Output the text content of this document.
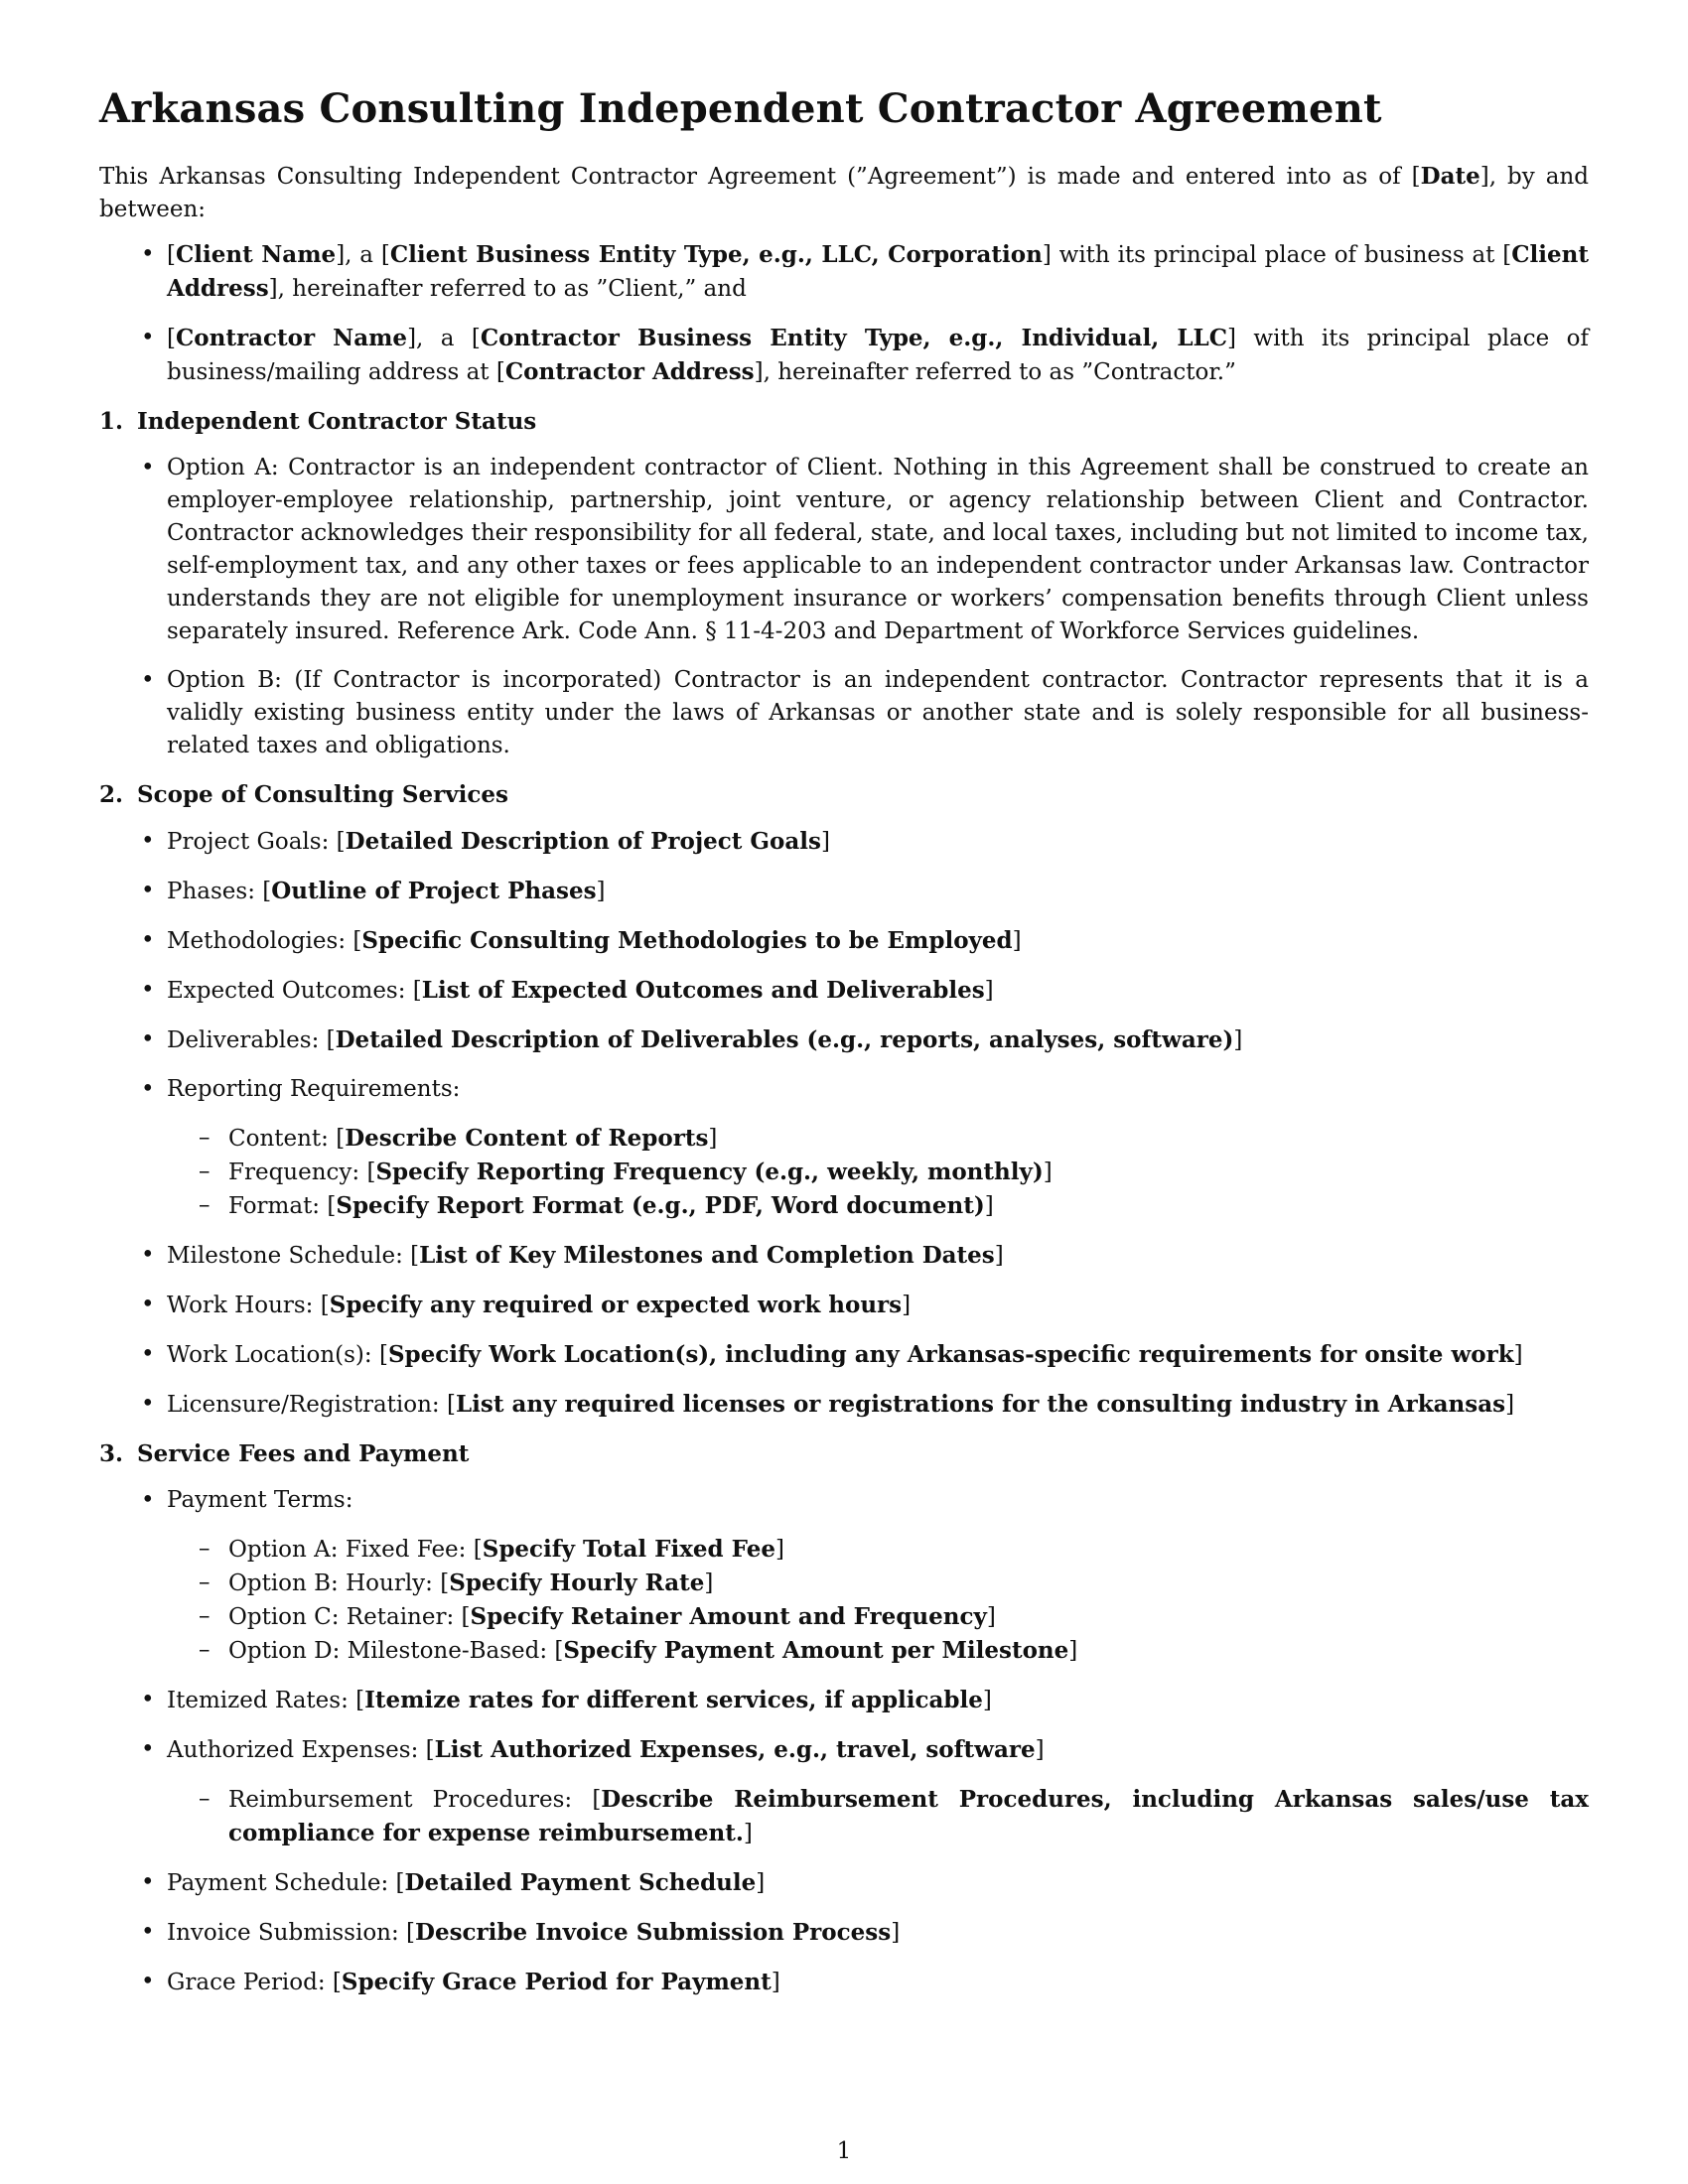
Arkansas Consulting Independent Contractor Agreement

This Arkansas Consulting Independent Contractor Agreement (”Agreement”) is made and entered into as of [Date], by and between:

• [Client Name], a [Client Business Entity Type, e.g., LLC, Corporation] with its principal place of business at [Client Address], hereinafter referred to as ”Client,” and
• [Contractor Name], a [Contractor Business Entity Type, e.g., Individual, LLC] with its principal place of business/mailing address at [Contractor Address], hereinafter referred to as ”Contractor.”
1. Independent Contractor Status
• Option A: Contractor is an independent contractor of Client. Nothing in this Agreement shall be construed to create an employer-employee relationship, partnership, joint venture, or agency relationship between Client and Contractor. Contractor acknowledges their responsibility for all federal, state, and local taxes, including but not limited to income tax, self-employment tax, and any other taxes or fees applicable to an independent contractor under Arkansas law. Contractor understands they are not eligible for unemployment insurance or workers’ compensation benefits through Client unless separately insured. Reference Ark. Code Ann. § 11-4-203 and Department of Workforce Services guidelines.
• Option B: (If Contractor is incorporated) Contractor is an independent contractor. Contractor represents that it is a validly existing business entity under the laws of Arkansas or another state and is solely responsible for all business-related taxes and obligations.
2. Scope of Consulting Services
• Project Goals: [Detailed Description of Project Goals]
• Phases: [Outline of Project Phases]
• Methodologies: [Specific Consulting Methodologies to be Employed]
• Expected Outcomes: [List of Expected Outcomes and Deliverables]
• Deliverables: [Detailed Description of Deliverables (e.g., reports, analyses, software)]
• Reporting Requirements:
– Content: [Describe Content of Reports]
– Frequency: [Specify Reporting Frequency (e.g., weekly, monthly)]
– Format: [Specify Report Format (e.g., PDF, Word document)]
• Milestone Schedule: [List of Key Milestones and Completion Dates]
• Work Hours: [Specify any required or expected work hours]
• Work Location(s): [Specify Work Location(s), including any Arkansas-specific requirements for onsite work]
• Licensure/Registration: [List any required licenses or registrations for the consulting industry in Arkansas]
3. Service Fees and Payment
• Payment Terms:
– Option A: Fixed Fee: [Specify Total Fixed Fee]
– Option B: Hourly: [Specify Hourly Rate]
– Option C: Retainer: [Specify Retainer Amount and Frequency]
– Option D: Milestone-Based: [Specify Payment Amount per Milestone]
• Itemized Rates: [Itemize rates for different services, if applicable]
• Authorized Expenses: [List Authorized Expenses, e.g., travel, software]
– Reimbursement Procedures: [Describe Reimbursement Procedures, including Arkansas sales/use tax compliance for expense reimbursement.]
• Payment Schedule: [Detailed Payment Schedule]
• Invoice Submission: [Describe Invoice Submission Process]
• Grace Period: [Specify Grace Period for Payment]
1
